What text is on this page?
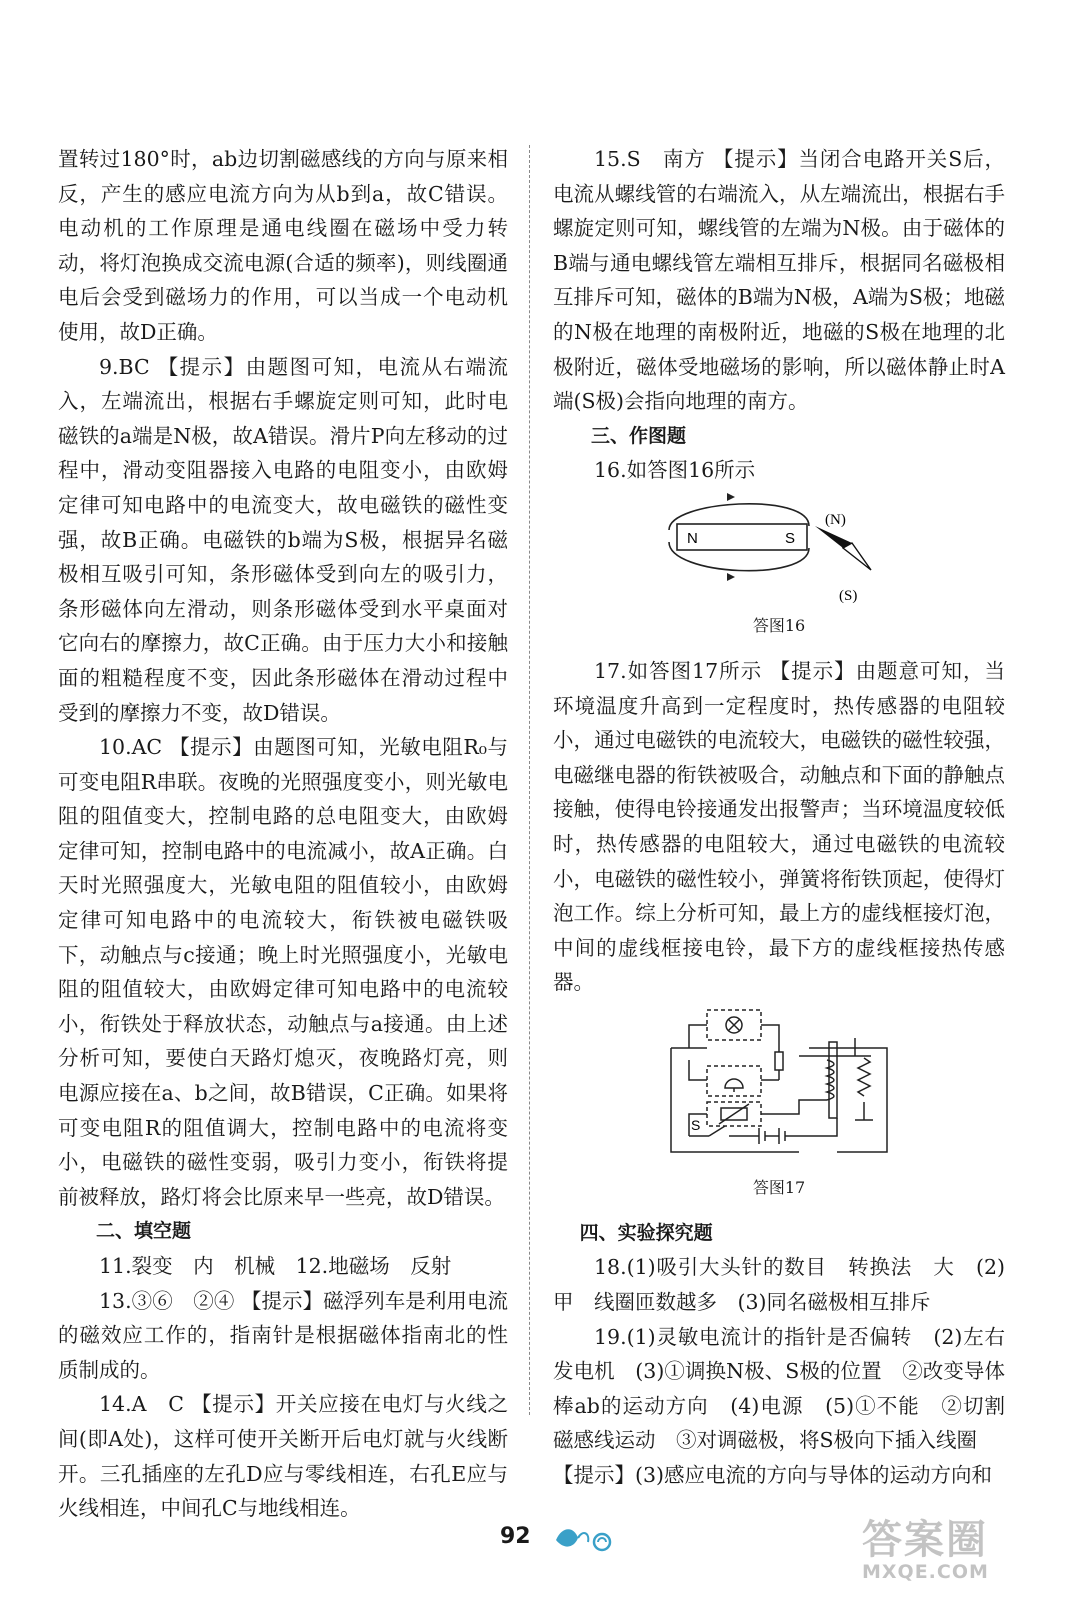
置转过180°时，ab边切割磁感线的方向与原来相反，产生的感应电流方向为从b到a，故C错误。电动机的工作原理是通电线圈在磁场中受力转动，将灯泡换成交流电源(合适的频率)，则线圈通电后会受到磁场力的作用，可以当成一个电动机使用，故D正确。

9.BC 【提示】由题图可知，电流从右端流入，左端流出，根据右手螺旋定则可知，此时电磁铁的a端是N极，故A错误。滑片P向左移动的过程中，滑动变阻器接入电路的电阻变小，由欧姆定律可知电路中的电流变大，故电磁铁的磁性变强，故B正确。电磁铁的b端为S极，根据异名磁极相互吸引可知，条形磁体受到向左的吸引力，条形磁体向左滑动，则条形磁体受到水平桌面对它向右的摩擦力，故C正确。由于压力大小和接触面的粗糙程度不变，因此条形磁体在滑动过程中受到的摩擦力不变，故D错误。

10.AC 【提示】由题图可知，光敏电阻R₀与可变电阻R串联。夜晚的光照强度变小，则光敏电阻的阻值变大，控制电路的总电阻变大，由欧姆定律可知，控制电路中的电流减小，故A正确。白天时光照强度大，光敏电阻的阻值较小，由欧姆定律可知电路中的电流较大，衔铁被电磁铁吸下，动触点与c接通；晚上时光照强度小，光敏电阻的阻值较大，由欧姆定律可知电路中的电流较小，衔铁处于释放状态，动触点与a接通。由上述分析可知，要使白天路灯熄灭，夜晚路灯亮，则电源应接在a、b之间，故B错误，C正确。如果将可变电阻R的阻值调大，控制电路中的电流将变小，电磁铁的磁性变弱，吸引力变小，衔铁将提前被释放，路灯将会比原来早一些亮，故D错误。

二、填空题

11.裂变　内　机械　12.地磁场　反射

13.③⑥　②④ 【提示】磁浮列车是利用电流的磁效应工作的，指南针是根据磁体指南北的性质制成的。

14.A　C 【提示】开关应接在电灯与火线之间(即A处)，这样可使开关断开后电灯就与火线断开。三孔插座的左孔D应与零线相连，右孔E应与火线相连，中间孔C与地线相连。

15.S　南方 【提示】当闭合电路开关S后，电流从螺线管的右端流入，从左端流出，根据右手螺旋定则可知，螺线管的左端为N极。由于磁体的B端与通电螺线管左端相互排斥，根据同名磁极相互排斥可知，磁体的B端为N极，A端为S极；地磁的N极在地理的南极附近，地磁的S极在地理的北极附近，磁体受地磁场的影响，所以磁体静止时A端(S极)会指向地理的南方。

三、作图题

16.如答图16所示

N	S
(N)
(S)
答图16

17.如答图17所示 【提示】由题意可知，当环境温度升高到一定程度时，热传感器的电阻较小，通过电磁铁的电流较大，电磁铁的磁性较强，电磁继电器的衔铁被吸合，动触点和下面的静触点接触，使得电铃接通发出报警声；当环境温度较低时，热传感器的电阻较大，通过电磁铁的电流较小，电磁铁的磁性较小，弹簧将衔铁顶起，使得灯泡工作。综上分析可知，最上方的虚线框接灯泡，中间的虚线框接电铃，最下方的虚线框接热传感器。

S
答图17

四、实验探究题

18.(1)吸引大头针的数目　转换法　大　(2)甲　线圈匝数越多　(3)同名磁极相互排斥

19.(1)灵敏电流计的指针是否偏转　(2)左右　发电机　(3)①调换N极、S极的位置　②改变导体棒ab的运动方向　(4)电源　(5)①不能　②切割磁感线运动　③对调磁极，将S极向下插入线圈

【提示】(3)感应电流的方向与导体的运动方向和

92	答案圈
MXQE.COM
